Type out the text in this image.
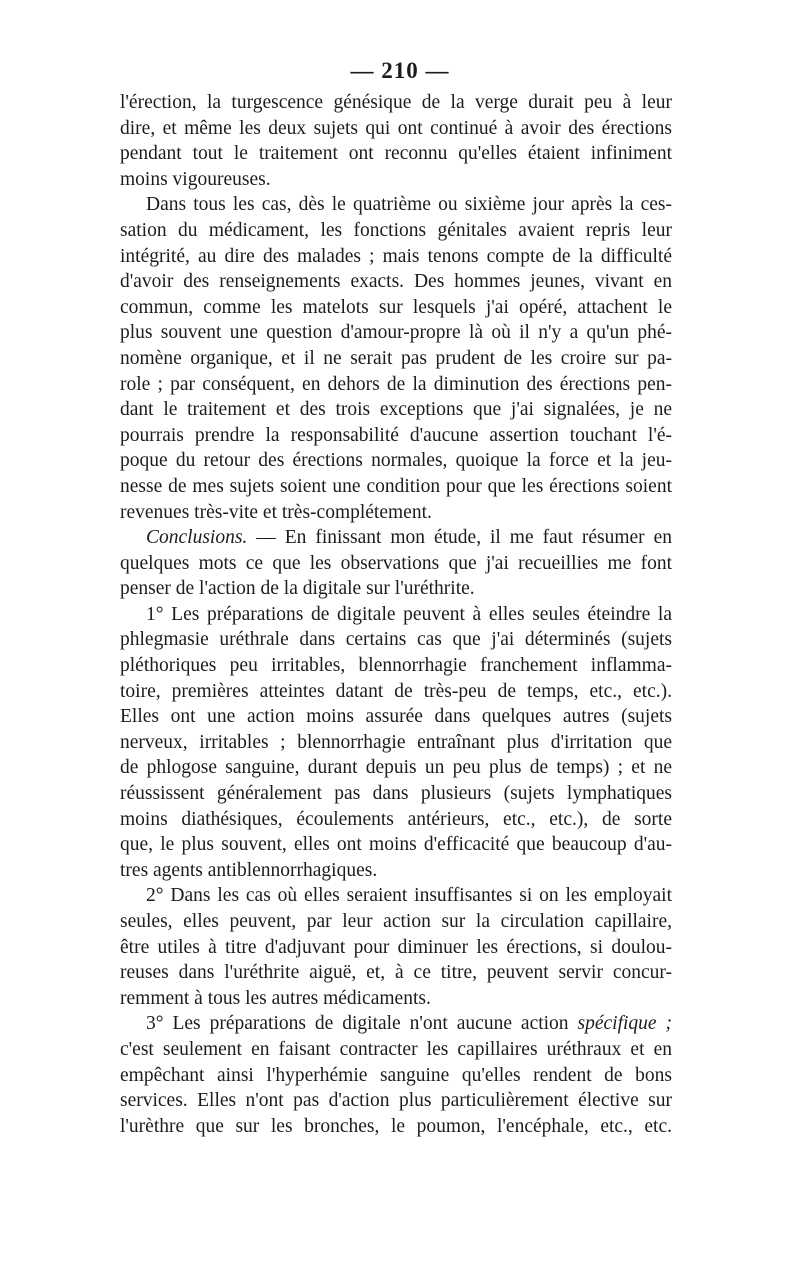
— 210 —
l'érection, la turgescence génésique de la verge durait peu à leur
dire, et même les deux sujets qui ont continué à avoir des érections
pendant tout le traitement ont reconnu qu'elles étaient infiniment
moins vigoureuses.
Dans tous les cas, dès le quatrième ou sixième jour après la ces-
sation du médicament, les fonctions génitales avaient repris leur
intégrité, au dire des malades ; mais tenons compte de la difficulté
d'avoir des renseignements exacts. Des hommes jeunes, vivant en
commun, comme les matelots sur lesquels j'ai opéré, attachent le
plus souvent une question d'amour-propre là où il n'y a qu'un phé-
nomène organique, et il ne serait pas prudent de les croire sur pa-
role ; par conséquent, en dehors de la diminution des érections pen-
dant le traitement et des trois exceptions que j'ai signalées, je ne
pourrais prendre la responsabilité d'aucune assertion touchant l'é-
poque du retour des érections normales, quoique la force et la jeu-
nesse de mes sujets soient une condition pour que les érections soient
revenues très-vite et très-complétement.
Conclusions. — En finissant mon étude, il me faut résumer en
quelques mots ce que les observations que j'ai recueillies me font
penser de l'action de la digitale sur l'uréthrite.
1° Les préparations de digitale peuvent à elles seules éteindre la
phlegmasie uréthrale dans certains cas que j'ai déterminés (sujets
pléthoriques peu irritables, blennorrhagie franchement inflamma-
toire, premières atteintes datant de très-peu de temps, etc., etc.).
Elles ont une action moins assurée dans quelques autres (sujets
nerveux, irritables ; blennorrhagie entraînant plus d'irritation que
de phlogose sanguine, durant depuis un peu plus de temps) ; et ne
réussissent généralement pas dans plusieurs (sujets lymphatiques
moins diathésiques, écoulements antérieurs, etc., etc.), de sorte
que, le plus souvent, elles ont moins d'efficacité que beaucoup d'au-
tres agents antiblennorrhagiques.
2° Dans les cas où elles seraient insuffisantes si on les employait
seules, elles peuvent, par leur action sur la circulation capillaire,
être utiles à titre d'adjuvant pour diminuer les érections, si doulou-
reuses dans l'uréthrite aiguë, et, à ce titre, peuvent servir concur-
remment à tous les autres médicaments.
3° Les préparations de digitale n'ont aucune action spécifique ;
c'est seulement en faisant contracter les capillaires uréthraux et en
empêchant ainsi l'hyperhémie sanguine qu'elles rendent de bons
services. Elles n'ont pas d'action plus particulièrement élective sur
l'urèthre que sur les bronches, le poumon, l'encéphale, etc., etc.
